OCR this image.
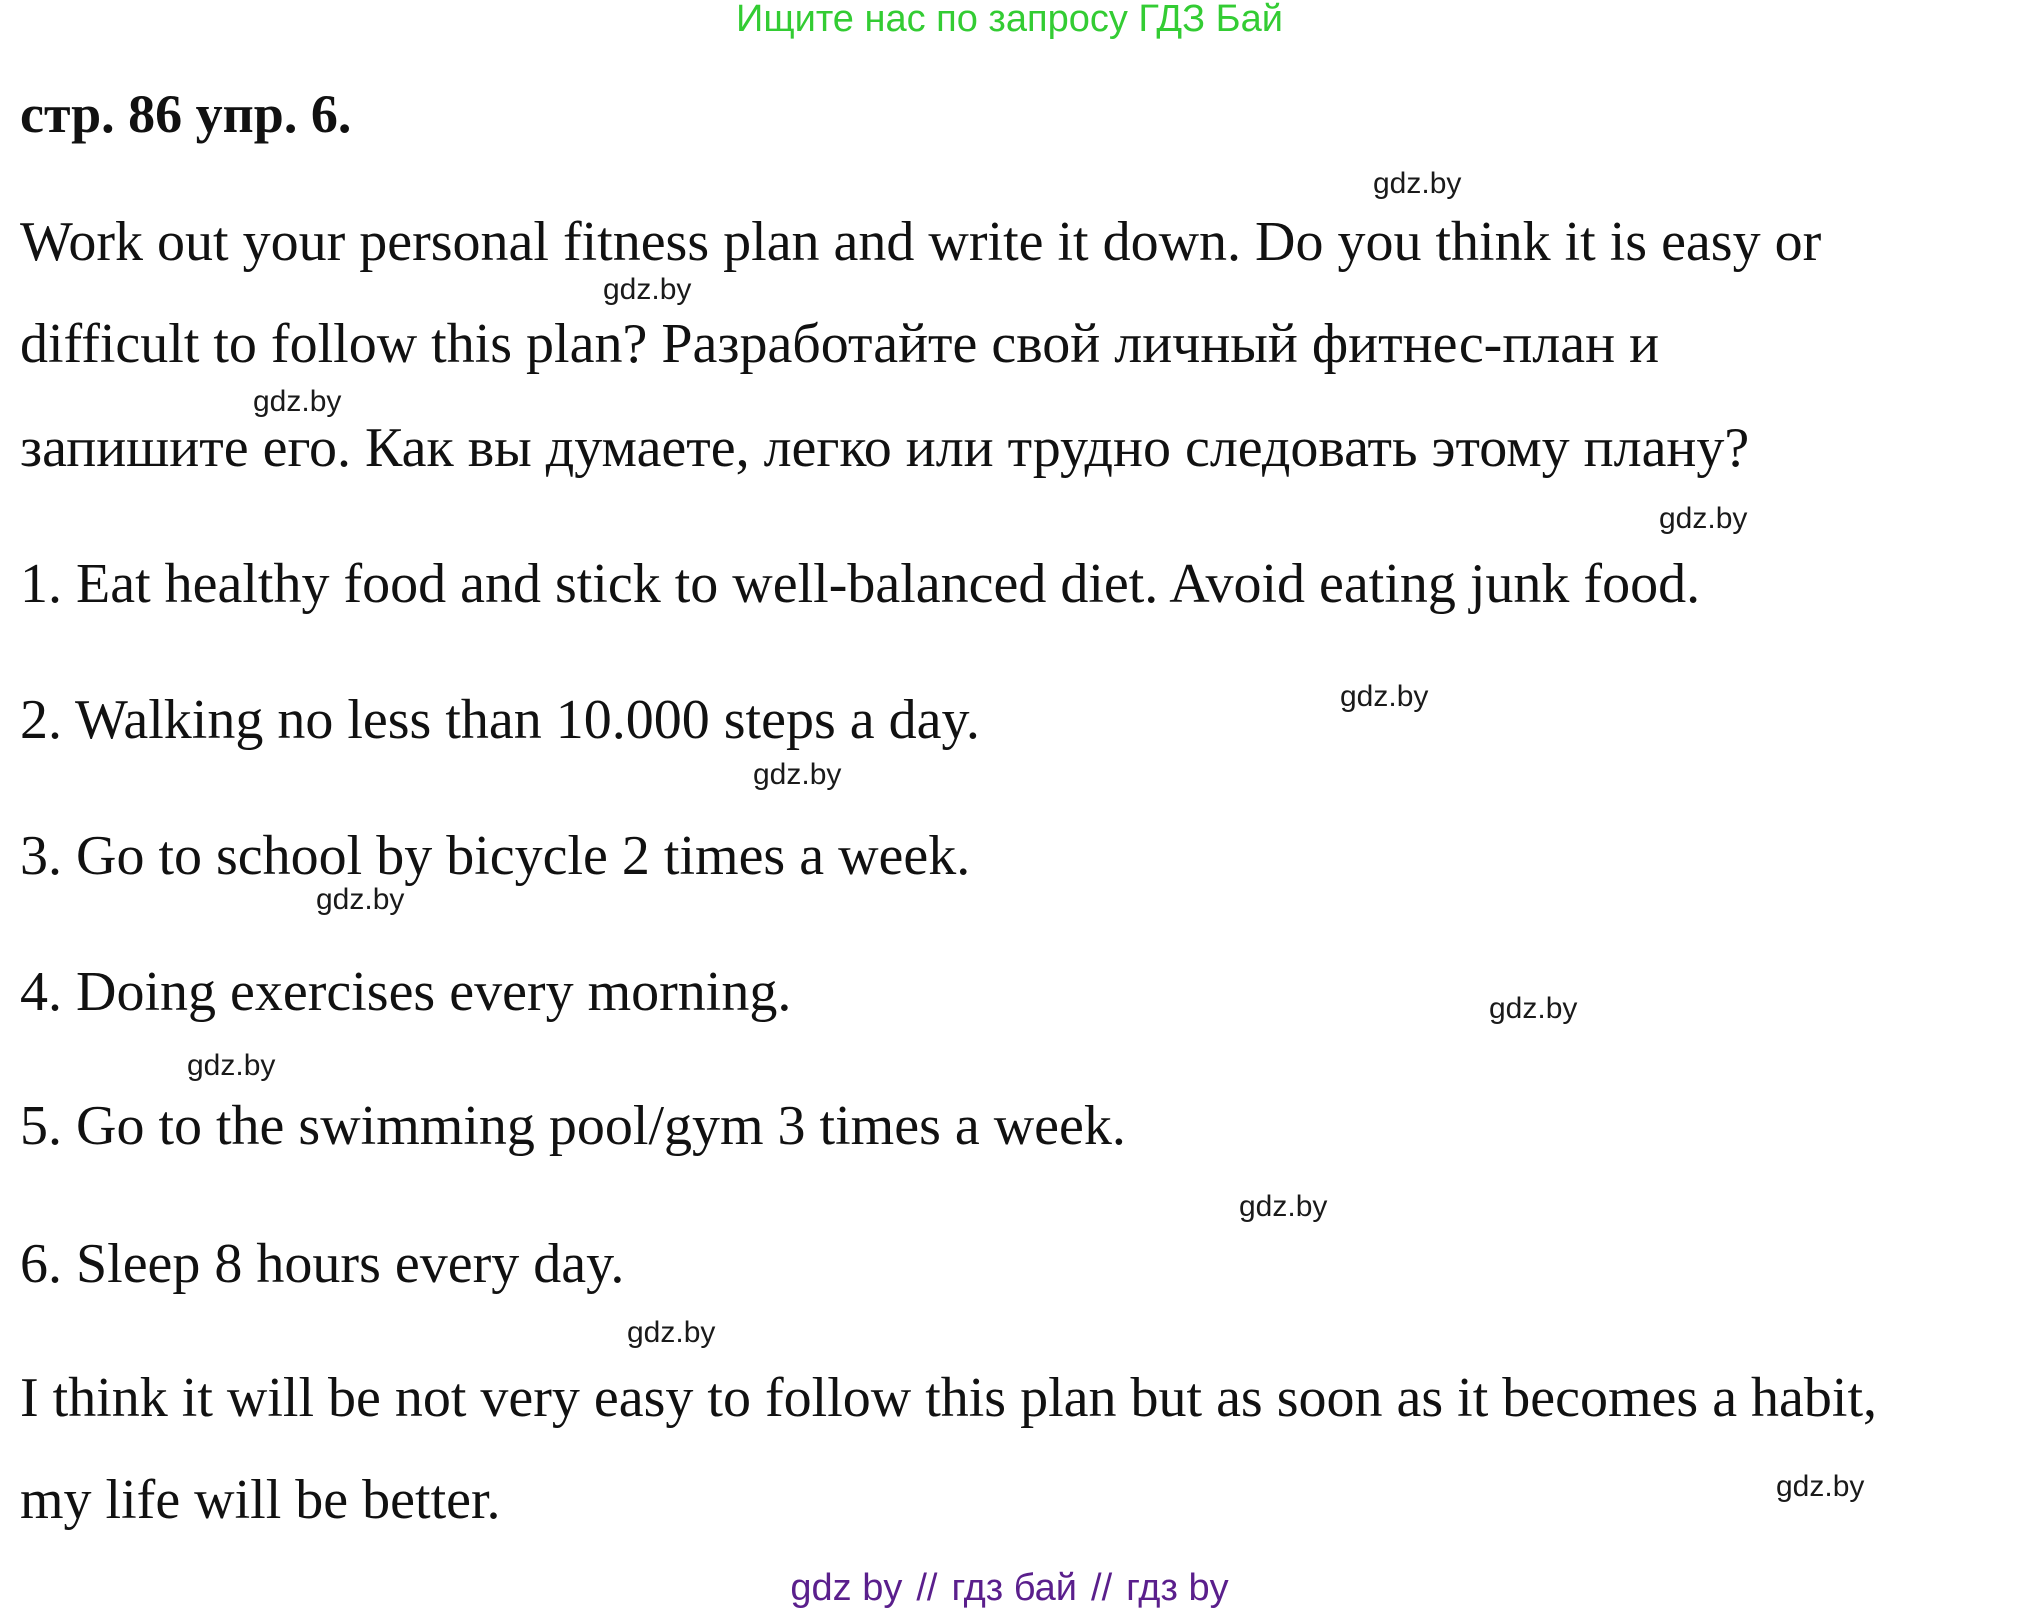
Ищите нас по запросу ГДЗ Бай
стр. 86 упр. 6.
gdz.by
Work out your personal fitness plan and write it down. Do you think it is easy or
gdz.by
difficult to follow this plan? Разработайте свой личный фитнес-план и
gdz.by
запишите его. Как вы думаете, легко или трудно следовать этому плану?
gdz.by
1. Eat healthy food and stick to well-balanced diet. Avoid eating junk food.
gdz.by
2. Walking no less than 10.000 steps a day.
gdz.by
3. Go to school by bicycle 2 times a week.
gdz.by
4. Doing exercises every morning.	gdz.by
gdz.by
5. Go to the swimming pool/gym 3 times a week.
gdz.by
6. Sleep 8 hours every day.
gdz.by
I think it will be not very easy to follow this plan but as soon as it becomes a habit,
gdz.by
my life will be better.
gdz by // гдз бай // гдз by
